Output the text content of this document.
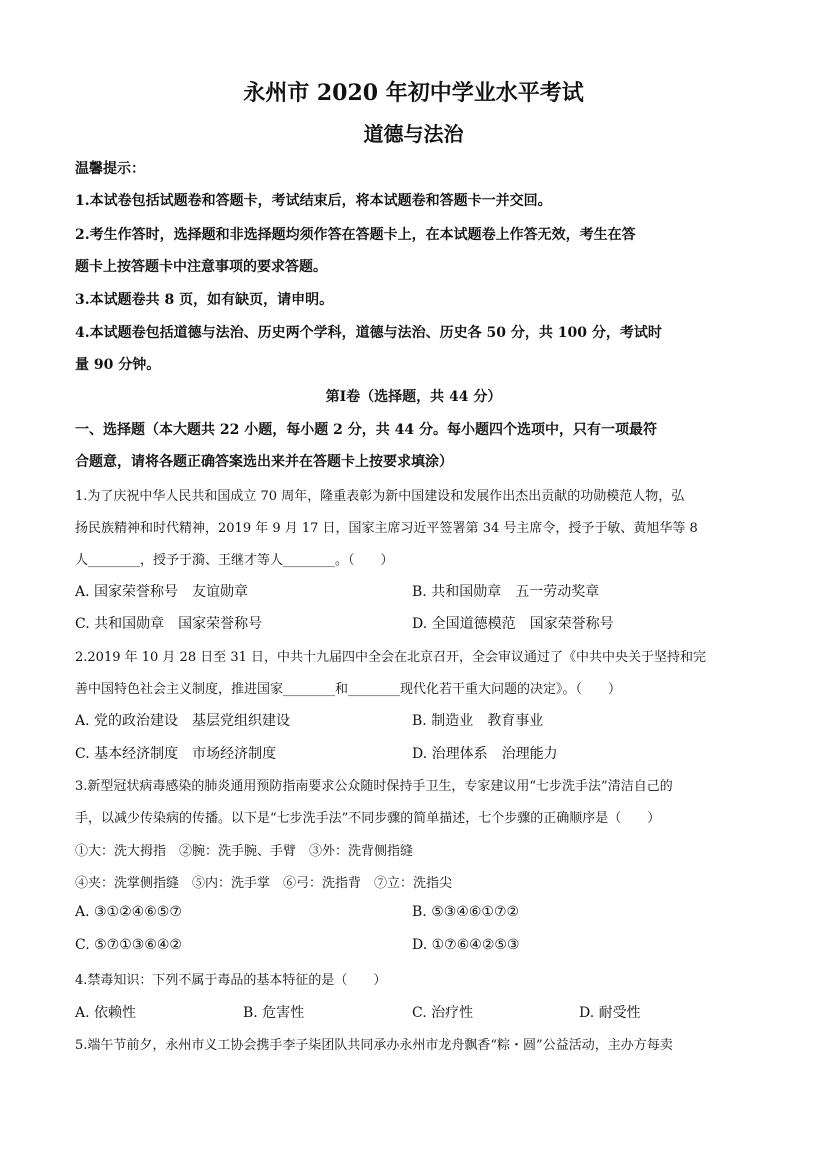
永州市 2020 年初中学业水平考试
道德与法治
温馨提示：
1.本试卷包括试题卷和答题卡，考试结束后，将本试题卷和答题卡一并交回。
2.考生作答时，选择题和非选择题均须作答在答题卡上，在本试题卷上作答无效，考生在答
题卡上按答题卡中注意事项的要求答题。
3.本试题卷共 8 页，如有缺页，请申明。
4.本试题卷包括道德与法治、历史两个学科，道德与法治、历史各 50 分，共 100 分，考试时
量 90 分钟。
第Ⅰ卷（选择题，共 44 分）
一、选择题（本大题共 22 小题，每小题 2 分，共 44 分。每小题四个选项中，只有一项最符
合题意，请将各题正确答案选出来并在答题卡上按要求填涂）
1.为了庆祝中华人民共和国成立 70 周年，隆重表彰为新中国建设和发展作出杰出贡献的功勋模范人物，弘
扬民族精神和时代精神，2019 年 9 月 17 日，国家主席习近平签署第 34 号主席令，授予于敏、黄旭华等 8
人________，授予于漪、王继才等人________。（　　）
A. 国家荣誉称号　友谊勋章	B. 共和国勋章　五一劳动奖章
C. 共和国勋章　国家荣誉称号	D. 全国道德模范　国家荣誉称号
2.2019 年 10 月 28 日至 31 日，中共十九届四中全会在北京召开，全会审议通过了《中共中央关于坚持和完
善中国特色社会主义制度，推进国家________和________现代化若干重大问题的决定》。（　　）
A. 党的政治建设　基层党组织建设	B. 制造业　教育事业
C. 基本经济制度　市场经济制度	D. 治理体系　治理能力
3.新型冠状病毒感染的肺炎通用预防指南要求公众随时保持手卫生，专家建议用“七步洗手法”清洁自己的
手，以减少传染病的传播。以下是“七步洗手法”不同步骤的简单描述，七个步骤的正确顺序是（　　）
①大：洗大拇指　②腕：洗手腕、手臂　③外：洗背侧指缝
④夹：洗掌侧指缝　⑤内：洗手掌　⑥弓：洗指背　⑦立：洗指尖
A. ③①②④⑥⑤⑦	B. ⑤③④⑥①⑦②
C. ⑤⑦①③⑥④②	D. ①⑦⑥④②⑤③
4.禁毒知识：下列不属于毒品的基本特征的是（　　）
A. 依赖性	B. 危害性	C. 治疗性	D. 耐受性
5.端午节前夕，永州市义工协会携手李子柒团队共同承办永州市龙舟飘香“粽・圆”公益活动，主办方每卖
